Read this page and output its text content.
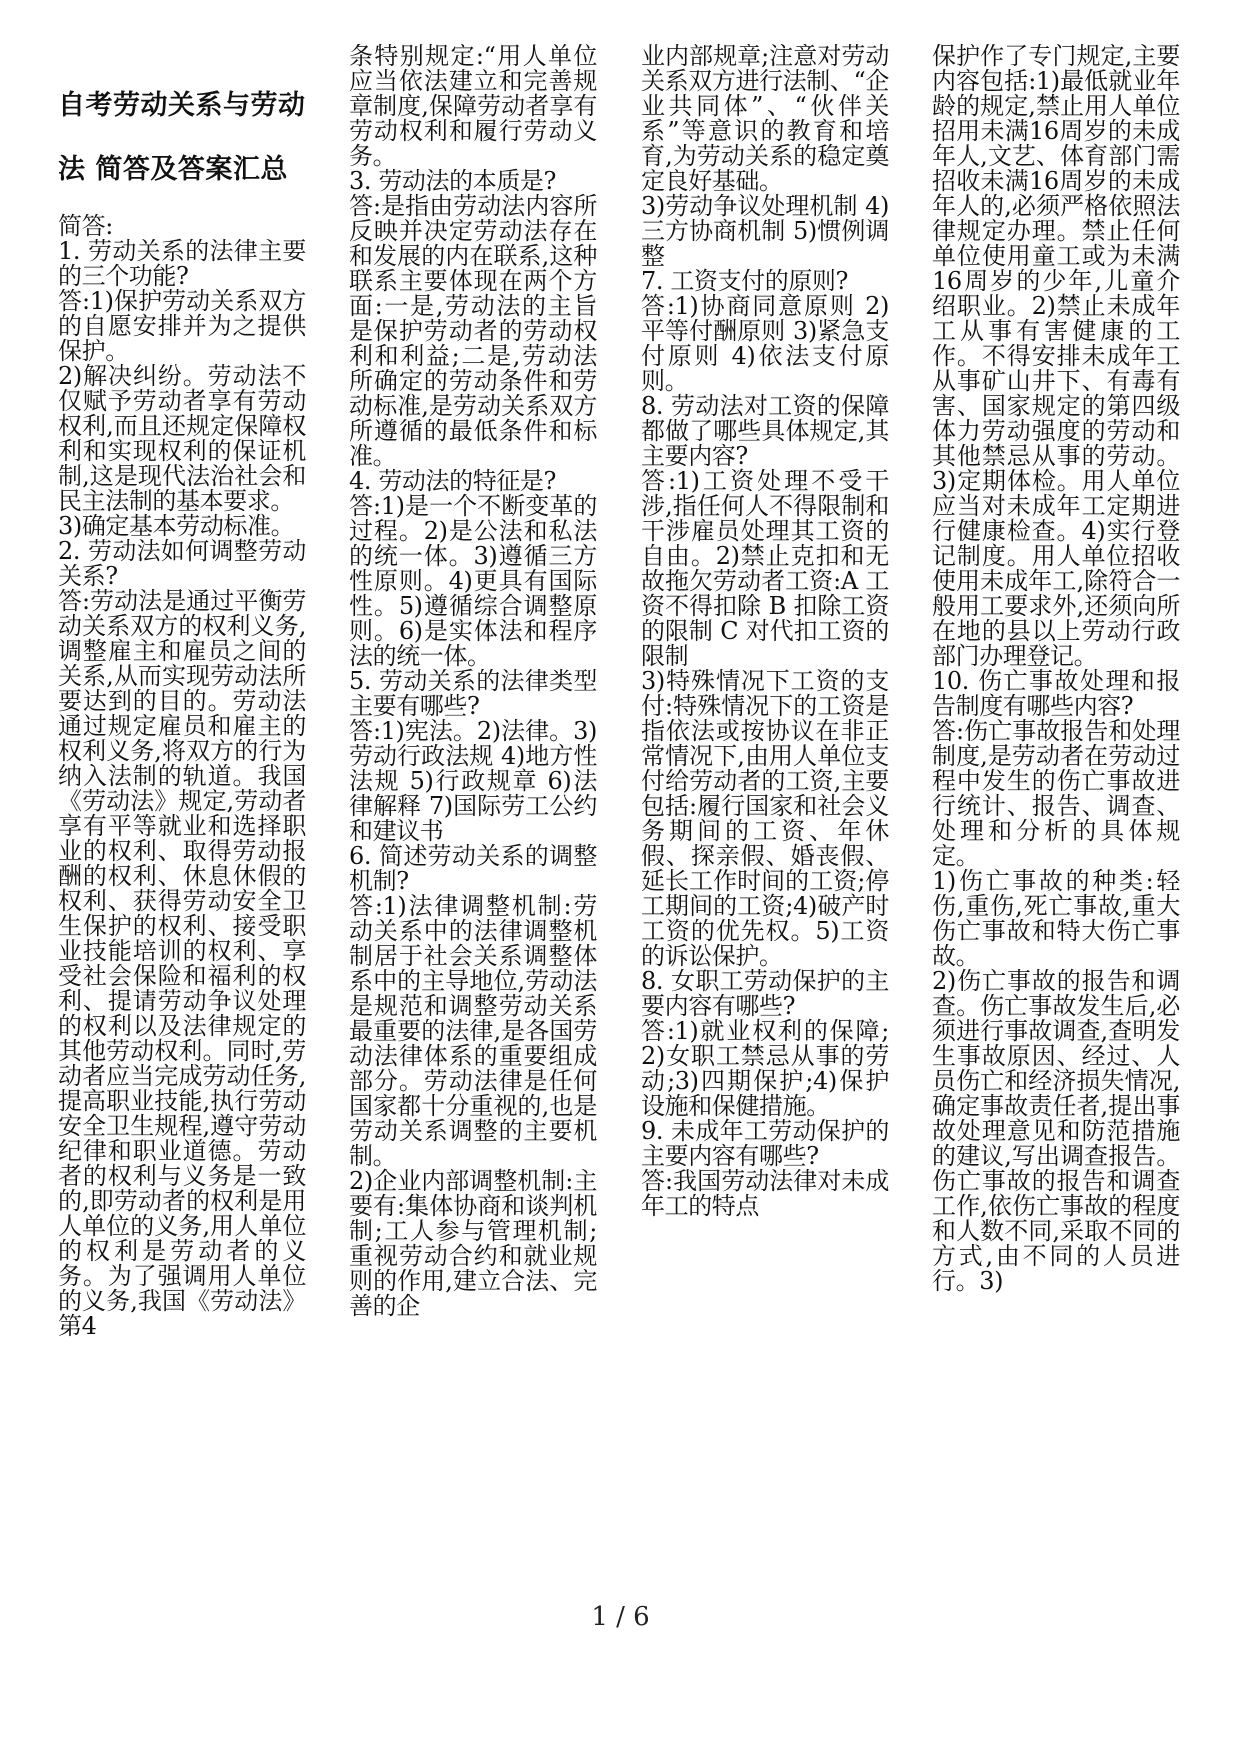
自考劳动关系与劳动法 简答及答案汇总

简答:

1. 劳动关系的法律主要的三个功能?

答:1)保护劳动关系双方的自愿安排并为之提供保护。

2)解决纠纷。劳动法不仅赋予劳动者享有劳动权利,而且还规定保障权利和实现权利的保证机制,这是现代法治社会和民主法制的基本要求。

3)确定基本劳动标准。

2. 劳动法如何调整劳动关系?

答:劳动法是通过平衡劳动关系双方的权利义务,调整雇主和雇员之间的关系,从而实现劳动法所要达到的目的。劳动法通过规定雇员和雇主的权利义务,将双方的行为纳入法制的轨道。我国《劳动法》规定,劳动者享有平等就业和选择职业的权利、取得劳动报酬的权利、休息休假的权利、获得劳动安全卫生保护的权利、接受职业技能培训的权利、享受社会保险和福利的权利、提请劳动争议处理的权利以及法律规定的其他劳动权利。同时,劳动者应当完成劳动任务,提高职业技能,执行劳动安全卫生规程,遵守劳动纪律和职业道德。劳动者的权利与义务是一致的,即劳动者的权利是用人单位的义务,用人单位的权利是劳动者的义务。为了强调用人单位的义务,我国《劳动法》第4

条特别规定:“用人单位应当依法建立和完善规章制度,保障劳动者享有劳动权利和履行劳动义务。

3. 劳动法的本质是?

答:是指由劳动法内容所反映并决定劳动法存在和发展的内在联系,这种联系主要体现在两个方面:一是,劳动法的主旨是保护劳动者的劳动权利和利益;二是,劳动法所确定的劳动条件和劳动标准,是劳动关系双方所遵循的最低条件和标准。

4. 劳动法的特征是?

答:1)是一个不断变革的过程。2)是公法和私法的统一体。3)遵循三方性原则。4)更具有国际性。5)遵循综合调整原则。6)是实体法和程序法的统一体。

5. 劳动关系的法律类型主要有哪些?

答:1)宪法。2)法律。3)劳动行政法规 4)地方性法规 5)行政规章 6)法律解释 7)国际劳工公约和建议书

6. 简述劳动关系的调整机制?

答:1)法律调整机制:劳动关系中的法律调整机制居于社会关系调整体系中的主导地位,劳动法是规范和调整劳动关系最重要的法律,是各国劳动法律体系的重要组成部分。劳动法律是任何国家都十分重视的,也是劳动关系调整的主要机制。

2)企业内部调整机制:主要有:集体协商和谈判机制;工人参与管理机制;重视劳动合约和就业规则的作用,建立合法、完善的企

业内部规章;注意对劳动关系双方进行法制、“企业共同体”、“伙伴关系”等意识的教育和培育,为劳动关系的稳定奠定良好基础。

3)劳动争议处理机制 4)三方协商机制 5)惯例调整

7. 工资支付的原则?

答:1)协商同意原则 2)平等付酬原则 3)紧急支付原则 4)依法支付原则。

8. 劳动法对工资的保障都做了哪些具体规定,其主要内容?

答:1)工资处理不受干涉,指任何人不得限制和干涉雇员处理其工资的自由。2)禁止克扣和无故拖欠劳动者工资:A 工资不得扣除 B 扣除工资的限制 C 对代扣工资的限制

3)特殊情况下工资的支付:特殊情况下的工资是指依法或按协议在非正常情况下,由用人单位支付给劳动者的工资,主要包括:履行国家和社会义务期间的工资、年休假、探亲假、婚丧假、延长工作时间的工资;停工期间的工资;4)破产时工资的优先权。5)工资的诉讼保护。

8. 女职工劳动保护的主要内容有哪些?

答:1)就业权利的保障;2)女职工禁忌从事的劳动;3)四期保护;4)保护设施和保健措施。

9. 未成年工劳动保护的主要内容有哪些?

答:我国劳动法律对未成年工的特点

保护作了专门规定,主要内容包括:1)最低就业年龄的规定,禁止用人单位招用未满16周岁的未成年人,文艺、体育部门需招收未满16周岁的未成年人的,必须严格依照法律规定办理。禁止任何单位使用童工或为未满16周岁的少年,儿童介绍职业。2)禁止未成年工从事有害健康的工作。不得安排未成年工从事矿山井下、有毒有害、国家规定的第四级体力劳动强度的劳动和其他禁忌从事的劳动。3)定期体检。用人单位应当对未成年工定期进行健康检查。4)实行登记制度。用人单位招收使用未成年工,除符合一般用工要求外,还须向所在地的县以上劳动行政部门办理登记。

10. 伤亡事故处理和报告制度有哪些内容?

答:伤亡事故报告和处理制度,是劳动者在劳动过程中发生的伤亡事故进行统计、报告、调查、处理和分析的具体规定。

1)伤亡事故的种类:轻伤,重伤,死亡事故,重大伤亡事故和特大伤亡事故。

2)伤亡事故的报告和调查。伤亡事故发生后,必须进行事故调查,查明发生事故原因、经过、人员伤亡和经济损失情况,确定事故责任者,提出事故处理意见和防范措施的建议,写出调查报告。伤亡事故的报告和调查工作,依伤亡事故的程度和人数不同,采取不同的方式,由不同的人员进行。3)

1 / 6
